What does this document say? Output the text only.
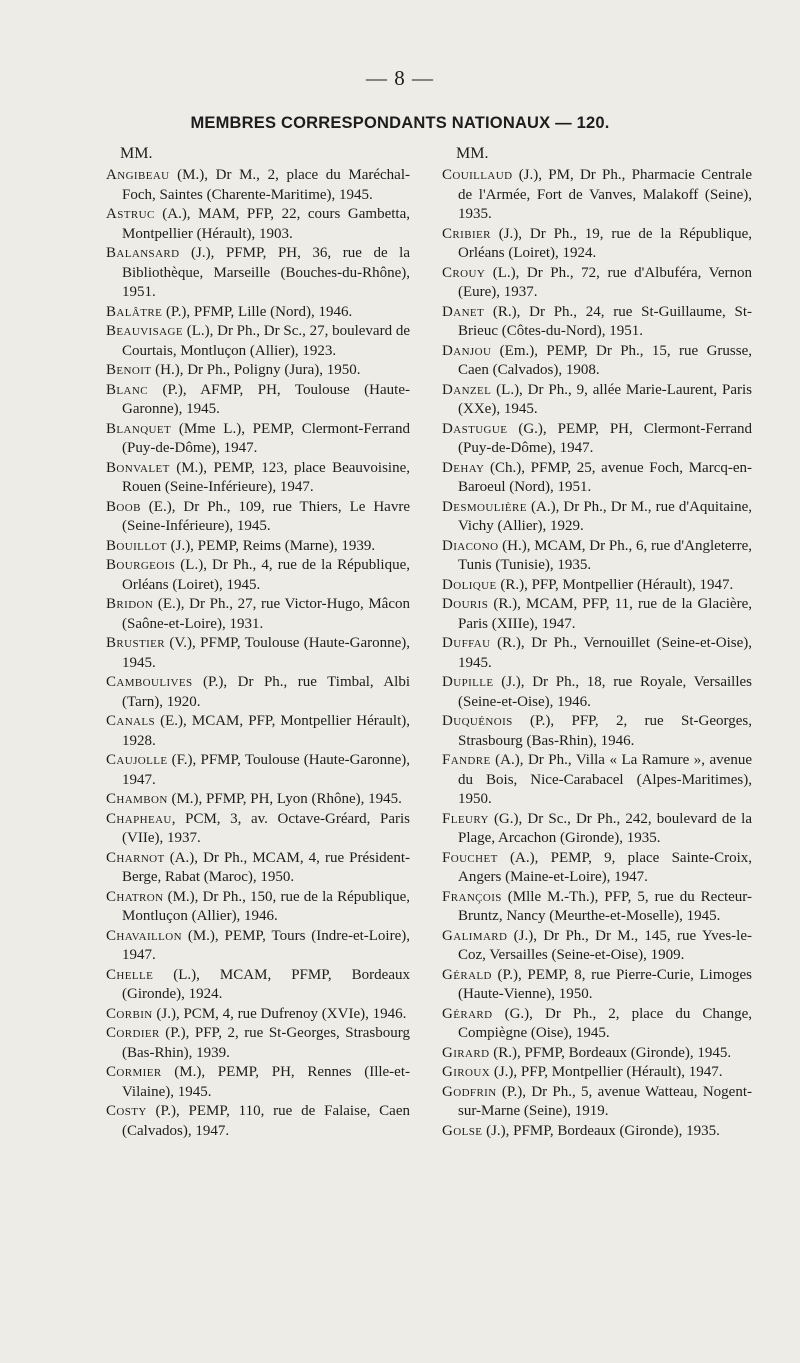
— 8 —
MEMBRES CORRESPONDANTS NATIONAUX — 120.
MM.

Angibeau (M.), Dr M., 2, place du Maréchal-Foch, Saintes (Charente-Maritime), 1945.

Astruc (A.), MAM, PFP, 22, cours Gambetta, Montpellier (Hérault), 1903.

Balansard (J.), PFMP, PH, 36, rue de la Bibliothèque, Marseille (Bouches-du-Rhône), 1951.

Balâtre (P.), PFMP, Lille (Nord), 1946.

Beauvisage (L.), Dr Ph., Dr Sc., 27, boulevard de Courtais, Montluçon (Allier), 1923.

Benoit (H.), Dr Ph., Poligny (Jura), 1950.

Blanc (P.), AFMP, PH, Toulouse (Haute-Garonne), 1945.

Blanquet (Mme L.), PEMP, Clermont-Ferrand (Puy-de-Dôme), 1947.

Bonvalet (M.), PEMP, 123, place Beauvoisine, Rouen (Seine-Inférieure), 1947.

Boob (E.), Dr Ph., 109, rue Thiers, Le Havre (Seine-Inférieure), 1945.

Bouillot (J.), PEMP, Reims (Marne), 1939.

Bourgeois (L.), Dr Ph., 4, rue de la République, Orléans (Loiret), 1945.

Bridon (E.), Dr Ph., 27, rue Victor-Hugo, Mâcon (Saône-et-Loire), 1931.

Brustier (V.), PFMP, Toulouse (Haute-Garonne), 1945.

Camboulives (P.), Dr Ph., rue Timbal, Albi (Tarn), 1920.

Canals (E.), MCAM, PFP, Montpellier Hérault), 1928.

Caujolle (F.), PFMP, Toulouse (Haute-Garonne), 1947.

Chambon (M.), PFMP, PH, Lyon (Rhône), 1945.

Chapheau, PCM, 3, av. Octave-Gréard, Paris (VIIe), 1937.

Charnot (A.), Dr Ph., MCAM, 4, rue Président-Berge, Rabat (Maroc), 1950.

Chatron (M.), Dr Ph., 150, rue de la République, Montluçon (Allier), 1946.

Chavaillon (M.), PEMP, Tours (Indre-et-Loire), 1947.

Chelle (L.), MCAM, PFMP, Bordeaux (Gironde), 1924.

Corbin (J.), PCM, 4, rue Dufrenoy (XVIe), 1946.

Cordier (P.), PFP, 2, rue St-Georges, Strasbourg (Bas-Rhin), 1939.

Cormier (M.), PEMP, PH, Rennes (Ille-et-Vilaine), 1945.

Costy (P.), PEMP, 110, rue de Falaise, Caen (Calvados), 1947.

MM.

Couillaud (J.), PM, Dr Ph., Pharmacie Centrale de l'Armée, Fort de Vanves, Malakoff (Seine), 1935.

Cribier (J.), Dr Ph., 19, rue de la République, Orléans (Loiret), 1924.

Crouy (L.), Dr Ph., 72, rue d'Albuféra, Vernon (Eure), 1937.

Danet (R.), Dr Ph., 24, rue St-Guillaume, St-Brieuc (Côtes-du-Nord), 1951.

Danjou (Em.), PEMP, Dr Ph., 15, rue Grusse, Caen (Calvados), 1908.

Danzel (L.), Dr Ph., 9, allée Marie-Laurent, Paris (XXe), 1945.

Dastugue (G.), PEMP, PH, Clermont-Ferrand (Puy-de-Dôme), 1947.

Dehay (Ch.), PFMP, 25, avenue Foch, Marcq-en-Baroeul (Nord), 1951.

Desmoulière (A.), Dr Ph., Dr M., rue d'Aquitaine, Vichy (Allier), 1929.

Diacono (H.), MCAM, Dr Ph., 6, rue d'Angleterre, Tunis (Tunisie), 1935.

Dolique (R.), PFP, Montpellier (Hérault), 1947.

Douris (R.), MCAM, PFP, 11, rue de la Glacière, Paris (XIIIe), 1947.

Duffau (R.), Dr Ph., Vernouillet (Seine-et-Oise), 1945.

Dupille (J.), Dr Ph., 18, rue Royale, Versailles (Seine-et-Oise), 1946.

Duquénois (P.), PFP, 2, rue St-Georges, Strasbourg (Bas-Rhin), 1946.

Fandre (A.), Dr Ph., Villa « La Ramure », avenue du Bois, Nice-Carabacel (Alpes-Maritimes), 1950.

Fleury (G.), Dr Sc., Dr Ph., 242, boulevard de la Plage, Arcachon (Gironde), 1935.

Fouchet (A.), PEMP, 9, place Sainte-Croix, Angers (Maine-et-Loire), 1947.

François (Mlle M.-Th.), PFP, 5, rue du Recteur-Bruntz, Nancy (Meurthe-et-Moselle), 1945.

Galimard (J.), Dr Ph., Dr M., 145, rue Yves-le-Coz, Versailles (Seine-et-Oise), 1909.

Gérald (P.), PEMP, 8, rue Pierre-Curie, Limoges (Haute-Vienne), 1950.

Gérard (G.), Dr Ph., 2, place du Change, Compiègne (Oise), 1945.

Girard (R.), PFMP, Bordeaux (Gironde), 1945.

Giroux (J.), PFP, Montpellier (Hérault), 1947.

Godfrin (P.), Dr Ph., 5, avenue Watteau, Nogent-sur-Marne (Seine), 1919.

Golse (J.), PFMP, Bordeaux (Gironde), 1935.
